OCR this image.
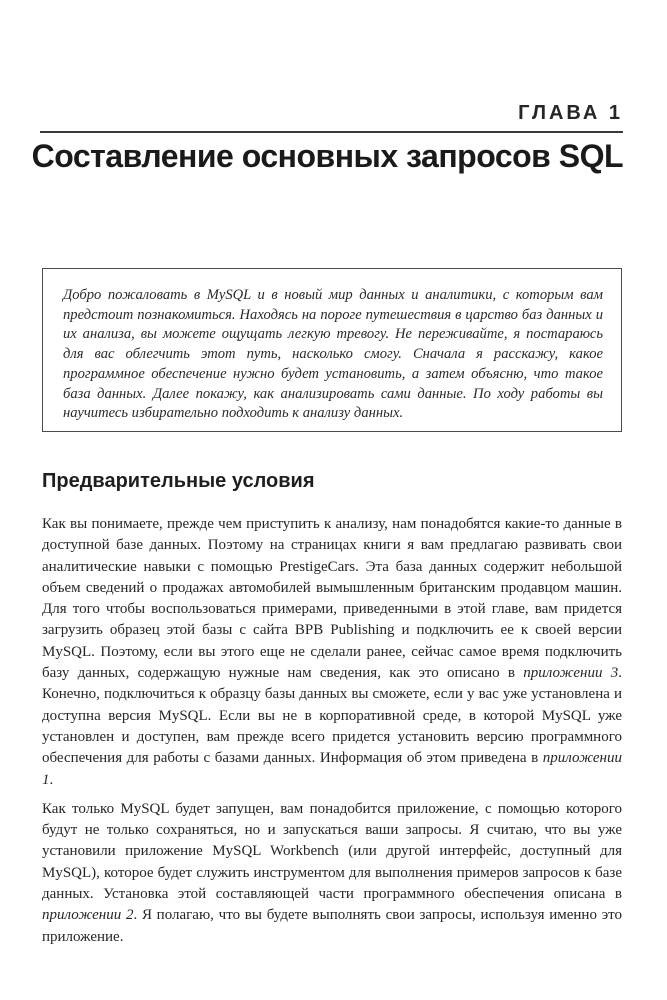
ГЛАВА 1
Составление основных запросов SQL

Добро пожаловать в MySQL и в новый мир данных и аналитики, с которым вам предстоит познакомиться. Находясь на пороге путешествия в царство баз данных и их анализа, вы можете ощущать легкую тревогу. Не переживайте, я постараюсь для вас облегчить этот путь, насколько смогу. Сначала я расскажу, какое программное обеспечение нужно будет установить, а затем объясню, что такое база данных. Далее покажу, как анализировать сами данные. По ходу работы вы научитесь избирательно подходить к анализу данных.

Предварительные условия

Как вы понимаете, прежде чем приступить к анализу, нам понадобятся какие-то данные в доступной базе данных. Поэтому на страницах книги я вам предлагаю развивать свои аналитические навыки с помощью PrestigeCars. Эта база данных содержит небольшой объем сведений о продажах автомобилей вымышленным британским продавцом машин. Для того чтобы воспользоваться примерами, приведенными в этой главе, вам придется загрузить образец этой базы с сайта BPB Publishing и подключить ее к своей версии MySQL. Поэтому, если вы этого еще не сделали ранее, сейчас самое время подключить базу данных, содержащую нужные нам сведения, как это описано в приложении 3. Конечно, подключиться к образцу базы данных вы сможете, если у вас уже установлена и доступна версия MySQL. Если вы не в корпоративной среде, в которой MySQL уже установлен и доступен, вам прежде всего придется установить версию программного обеспечения для работы с базами данных. Информация об этом приведена в приложении 1.

Как только MySQL будет запущен, вам понадобится приложение, с помощью которого будут не только сохраняться, но и запускаться ваши запросы. Я считаю, что вы уже установили приложение MySQL Workbench (или другой интерфейс, доступный для MySQL), которое будет служить инструментом для выполнения примеров запросов к базе данных. Установка этой составляющей части программного обеспечения описана в приложении 2. Я полагаю, что вы будете выполнять свои запросы, используя именно это приложение.
